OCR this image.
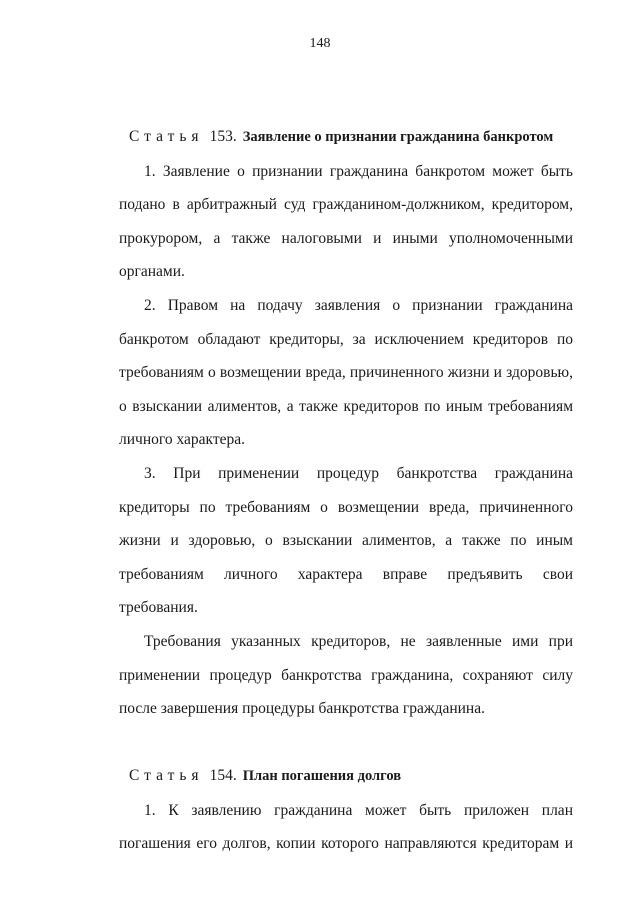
148
Статья 153. Заявление о признании гражданина банкротом

1. Заявление о признании гражданина банкротом может быть подано в арбитражный суд гражданином-должником, кредитором, прокурором, а также налоговыми и иными уполномоченными органами.

2. Правом на подачу заявления о признании гражданина банкротом обладают кредиторы, за исключением кредиторов по требованиям о возмещении вреда, причиненного жизни и здоровью, о взыскании алиментов, а также кредиторов по иным требованиям личного характера.

3. При применении процедур банкротства гражданина кредиторы по требованиям о возмещении вреда, причиненного жизни и здоровью, о взыскании алиментов, а также по иным требованиям личного характера вправе предъявить свои требования.

Требования указанных кредиторов, не заявленные ими при применении процедур банкротства гражданина, сохраняют силу после завершения процедуры банкротства гражданина.

Статья 154. План погашения долгов

1. К заявлению гражданина может быть приложен план погашения его долгов, копии которого направляются кредиторам и
